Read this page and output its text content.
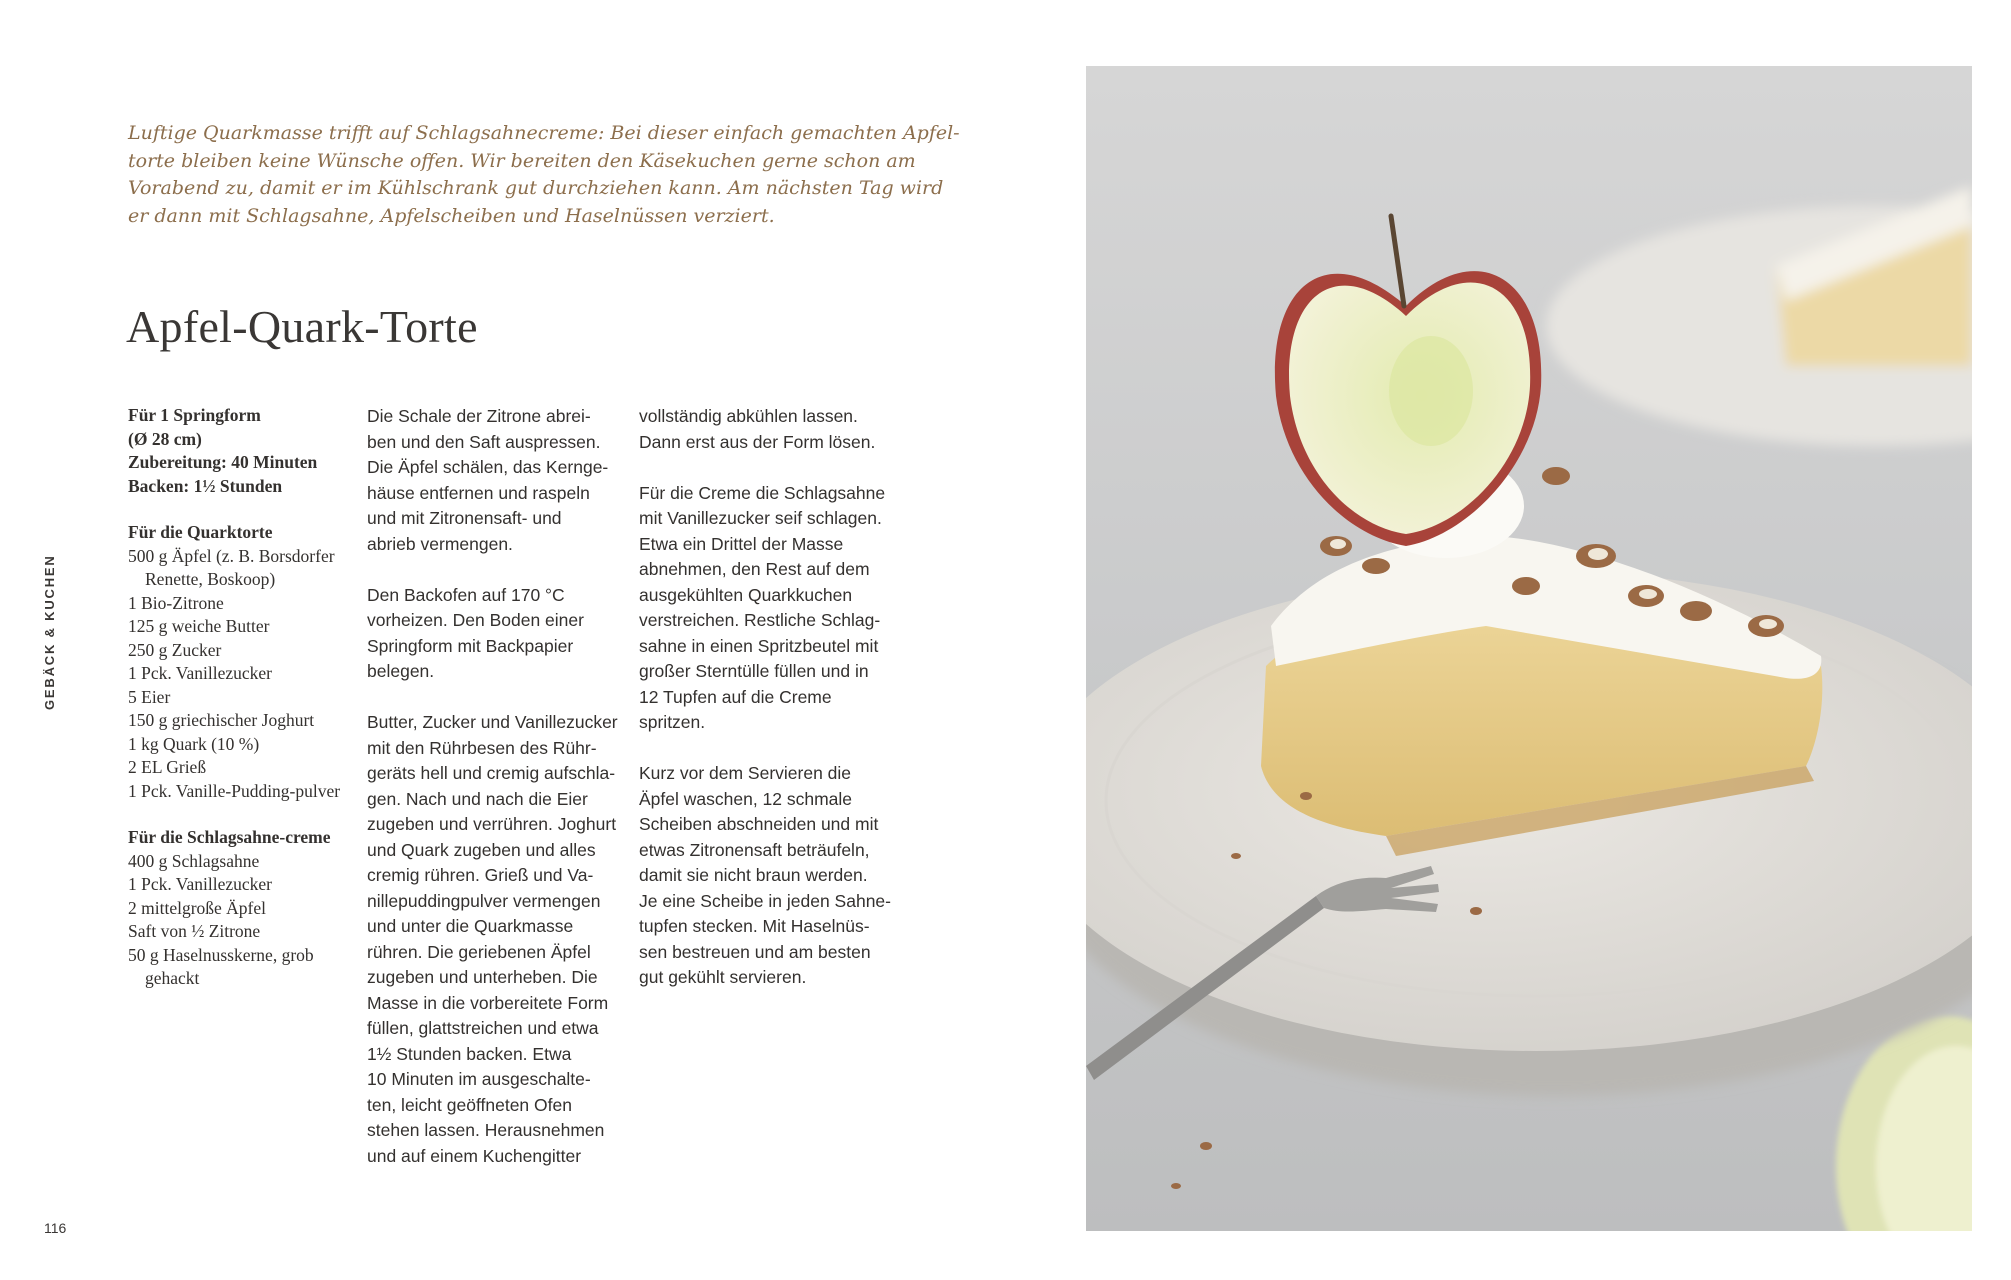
Luftige Quarkmasse trifft auf Schlagsahnecreme: Bei dieser einfach gemachten Apfel-
torte bleiben keine Wünsche offen. Wir bereiten den Käsekuchen gerne schon am
Vorabend zu, damit er im Kühlschrank gut durchziehen kann. Am nächsten Tag wird
er dann mit Schlagsahne, Apfelscheiben und Haselnüssen verziert.

Apfel-Quark-Torte
GEBÄCK & KUCHEN
116
Für 1 Springform
(Ø 28 cm)
Zubereitung: 40 Minuten
Backen: 1½ Stunden
Für die Quarktorte
500 g Äpfel (z. B. Borsdorfer Renette, Boskoop)
1 Bio-Zitrone
125 g weiche Butter
250 g Zucker
1 Pck. Vanillezucker
5 Eier
150 g griechischer Joghurt
1 kg Quark (10 %)
2 EL Grieß
1 Pck. Vanille-Pudding-pulver
Für die Schlagsahne-creme
400 g Schlagsahne
1 Pck. Vanillezucker
2 mittelgroße Äpfel
Saft von ½ Zitrone
50 g Haselnusskerne, grob gehackt

Die Schale der Zitrone abrei-
ben und den Saft auspressen.
Die Äpfel schälen, das Kernge-
häuse entfernen und raspeln
und mit Zitronensaft- und
abrieb vermengen.

Den Backofen auf 170 °C
vorheizen. Den Boden einer
Springform mit Backpapier
belegen.

Butter, Zucker und Vanillezucker
mit den Rührbesen des Rühr-
geräts hell und cremig aufschla-
gen. Nach und nach die Eier
zugeben und verrühren. Joghurt
und Quark zugeben und alles
cremig rühren. Grieß und Va-
nillepuddingpulver vermengen
und unter die Quarkmasse
rühren. Die geriebenen Äpfel
zugeben und unterheben. Die
Masse in die vorbereitete Form
füllen, glattstreichen und etwa
1½ Stunden backen. Etwa
10 Minuten im ausgeschalte-
ten, leicht geöffneten Ofen
stehen lassen. Herausnehmen
und auf einem Kuchengitter

vollständig abkühlen lassen.
Dann erst aus der Form lösen.

Für die Creme die Schlagsahne
mit Vanillezucker seif schlagen.
Etwa ein Drittel der Masse
abnehmen, den Rest auf dem
ausgekühlten Quarkkuchen
verstreichen. Restliche Schlag-
sahne in einen Spritzbeutel mit
großer Sterntülle füllen und in
12 Tupfen auf die Creme
spritzen.

Kurz vor dem Servieren die
Äpfel waschen, 12 schmale
Scheiben abschneiden und mit
etwas Zitronensaft beträufeln,
damit sie nicht braun werden.
Je eine Scheibe in jeden Sahne-
tupfen stecken. Mit Haselnüs-
sen bestreuen und am besten
gut gekühlt servieren.
